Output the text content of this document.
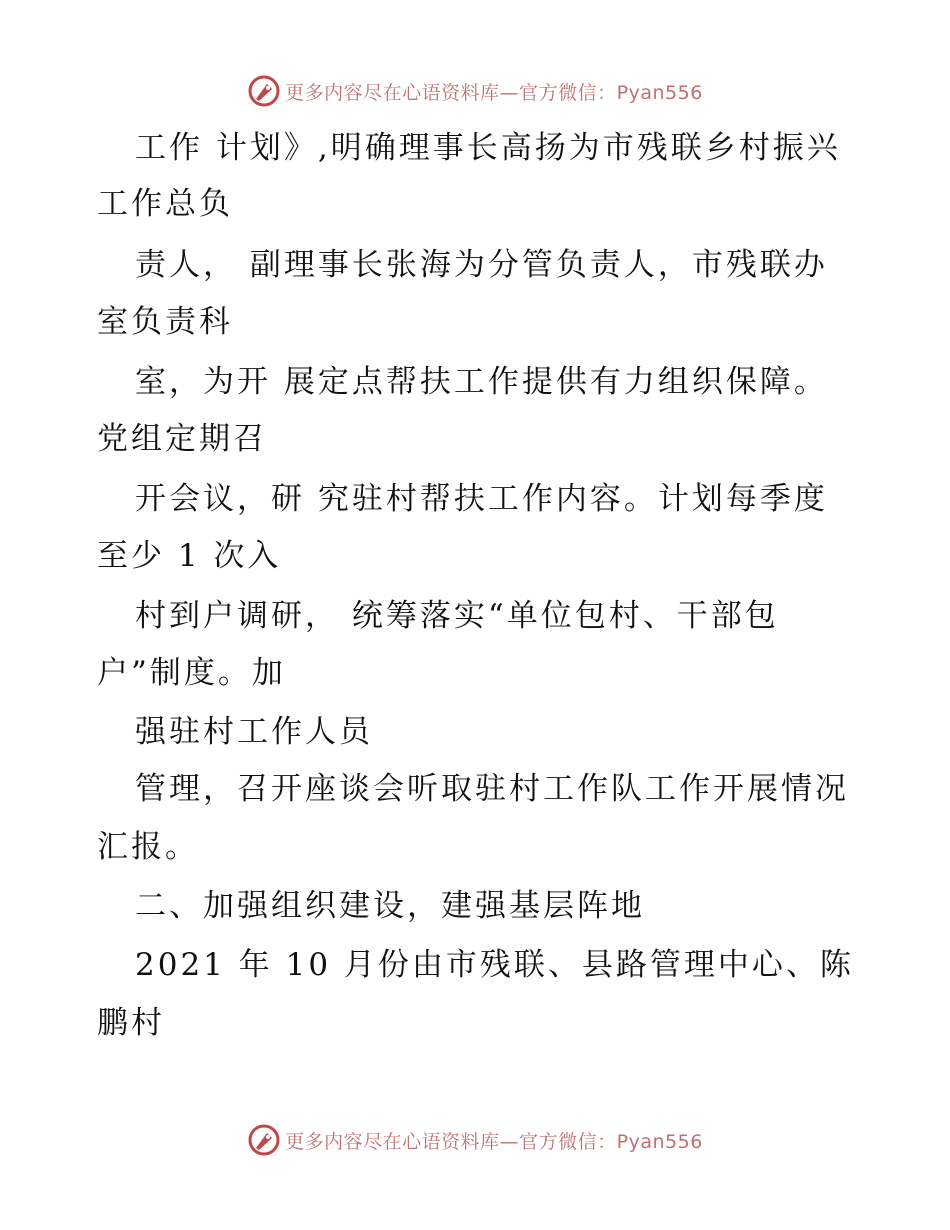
更多内容尽在心语资料库—官方微信：Pyan556
工作 计划》,明确理事长高扬为市残联乡村振兴
工作总负
责人， 副理事长张海为分管负责人，市残联办
室负责科
室，为开 展定点帮扶工作提供有力组织保障。
党组定期召
开会议，研 究驻村帮扶工作内容。计划每季度
至少 1 次入
村到户调研， 统筹落实“单位包村、干部包
户”制度。加
强驻村工作人员
管理，召开座谈会听取驻村工作队工作开展情况
汇报。
二、加强组织建设，建强基层阵地
2021 年 10 月份由市残联、县路管理中心、陈
鹏村
更多内容尽在心语资料库—官方微信：Pyan556
